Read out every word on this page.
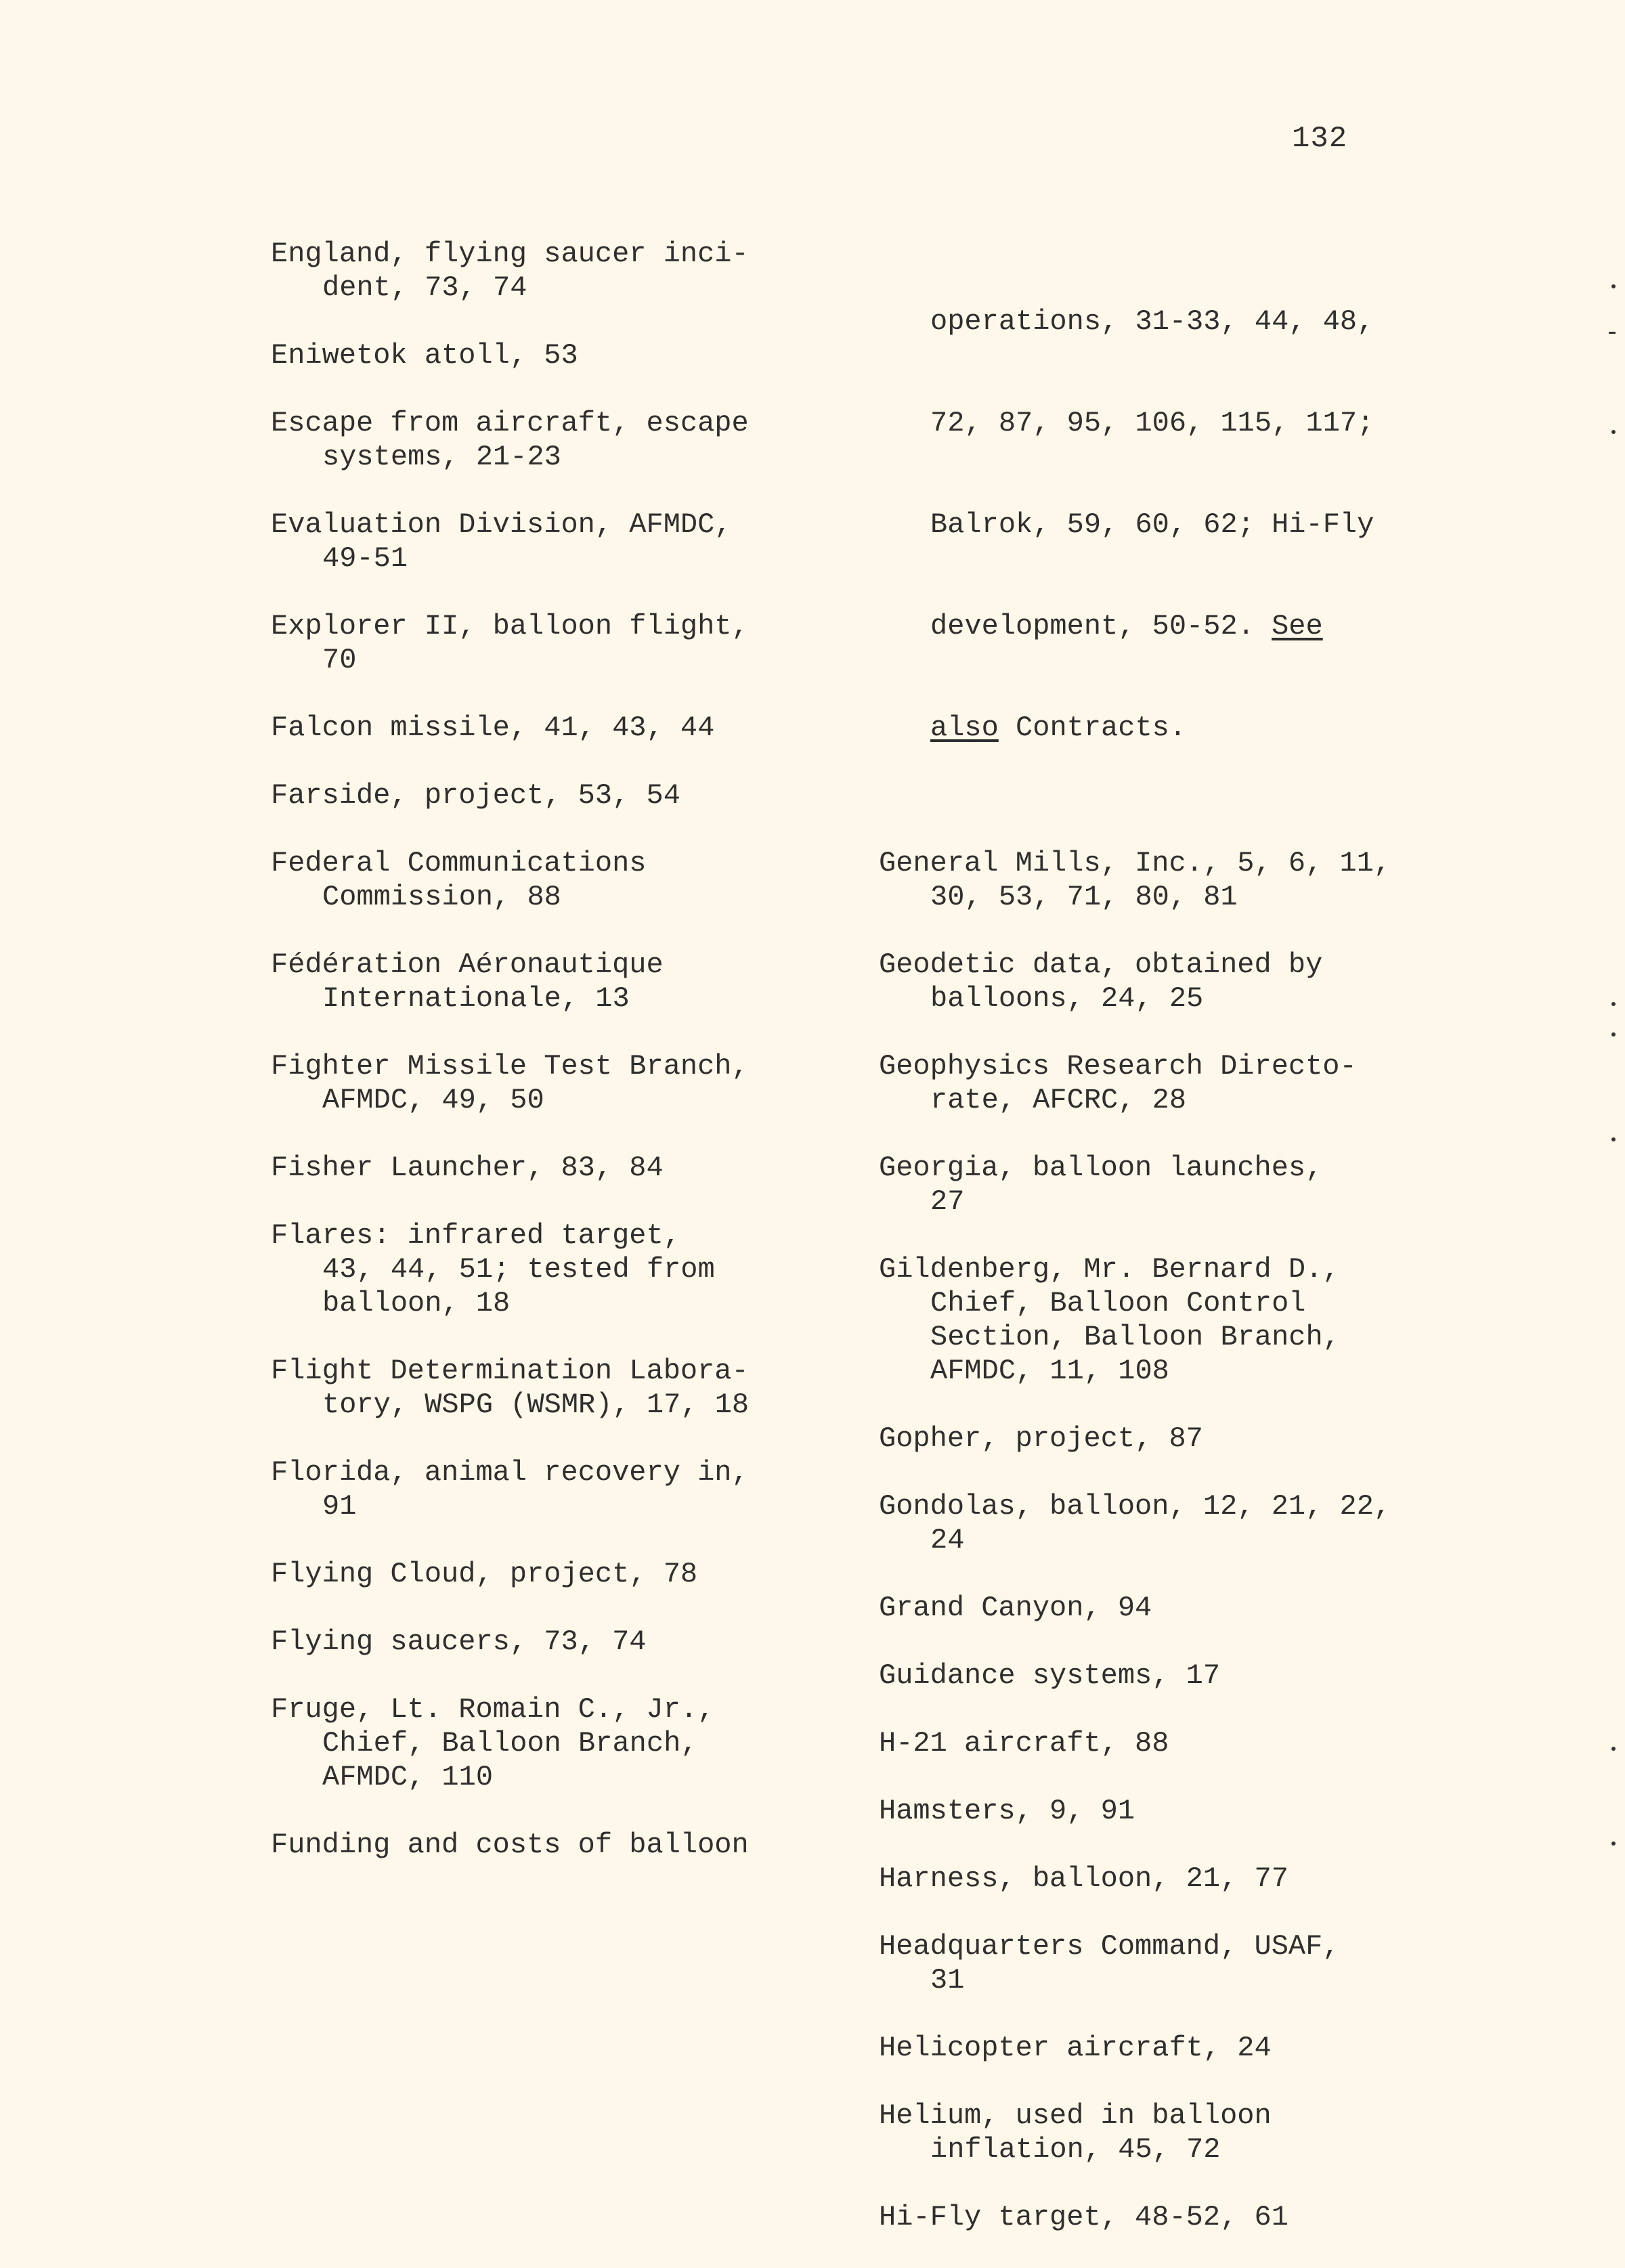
132
England, flying saucer inci-
dent, 73, 74
Eniwetok atoll, 53
Escape from aircraft, escape
systems, 21-23
Evaluation Division, AFMDC,
49-51
Explorer II, balloon flight,
70
Falcon missile, 41, 43, 44
Farside, project, 53, 54
Federal Communications
Commission, 88
Fédération Aéronautique
Internationale, 13
Fighter Missile Test Branch,
AFMDC, 49, 50
Fisher Launcher, 83, 84
Flares: infrared target,
43, 44, 51; tested from
balloon, 18
Flight Determination Labora-
tory, WSPG (WSMR), 17, 18
Florida, animal recovery in,
91
Flying Cloud, project, 78
Flying saucers, 73, 74
Fruge, Lt. Romain C., Jr.,
Chief, Balloon Branch,
AFMDC, 110
Funding and costs of balloon

operations, 31-33, 44, 48,

72, 87, 95, 106, 115, 117;

Balrok, 59, 60, 62; Hi-Fly

development, 50-52. See

also Contracts.

General Mills, Inc., 5, 6, 11,
30, 53, 71, 80, 81
Geodetic data, obtained by
balloons, 24, 25
Geophysics Research Directo-
rate, AFCRC, 28
Georgia, balloon launches,
27
Gildenberg, Mr. Bernard D.,
Chief, Balloon Control
Section, Balloon Branch,
AFMDC, 11, 108
Gopher, project, 87
Gondolas, balloon, 12, 21, 22,
24
Grand Canyon, 94
Guidance systems, 17
H-21 aircraft, 88
Hamsters, 9, 91
Harness, balloon, 21, 77
Headquarters Command, USAF,
31
Helicopter aircraft, 24
Helium, used in balloon
inflation, 45, 72
Hi-Fly target, 48-52, 61
